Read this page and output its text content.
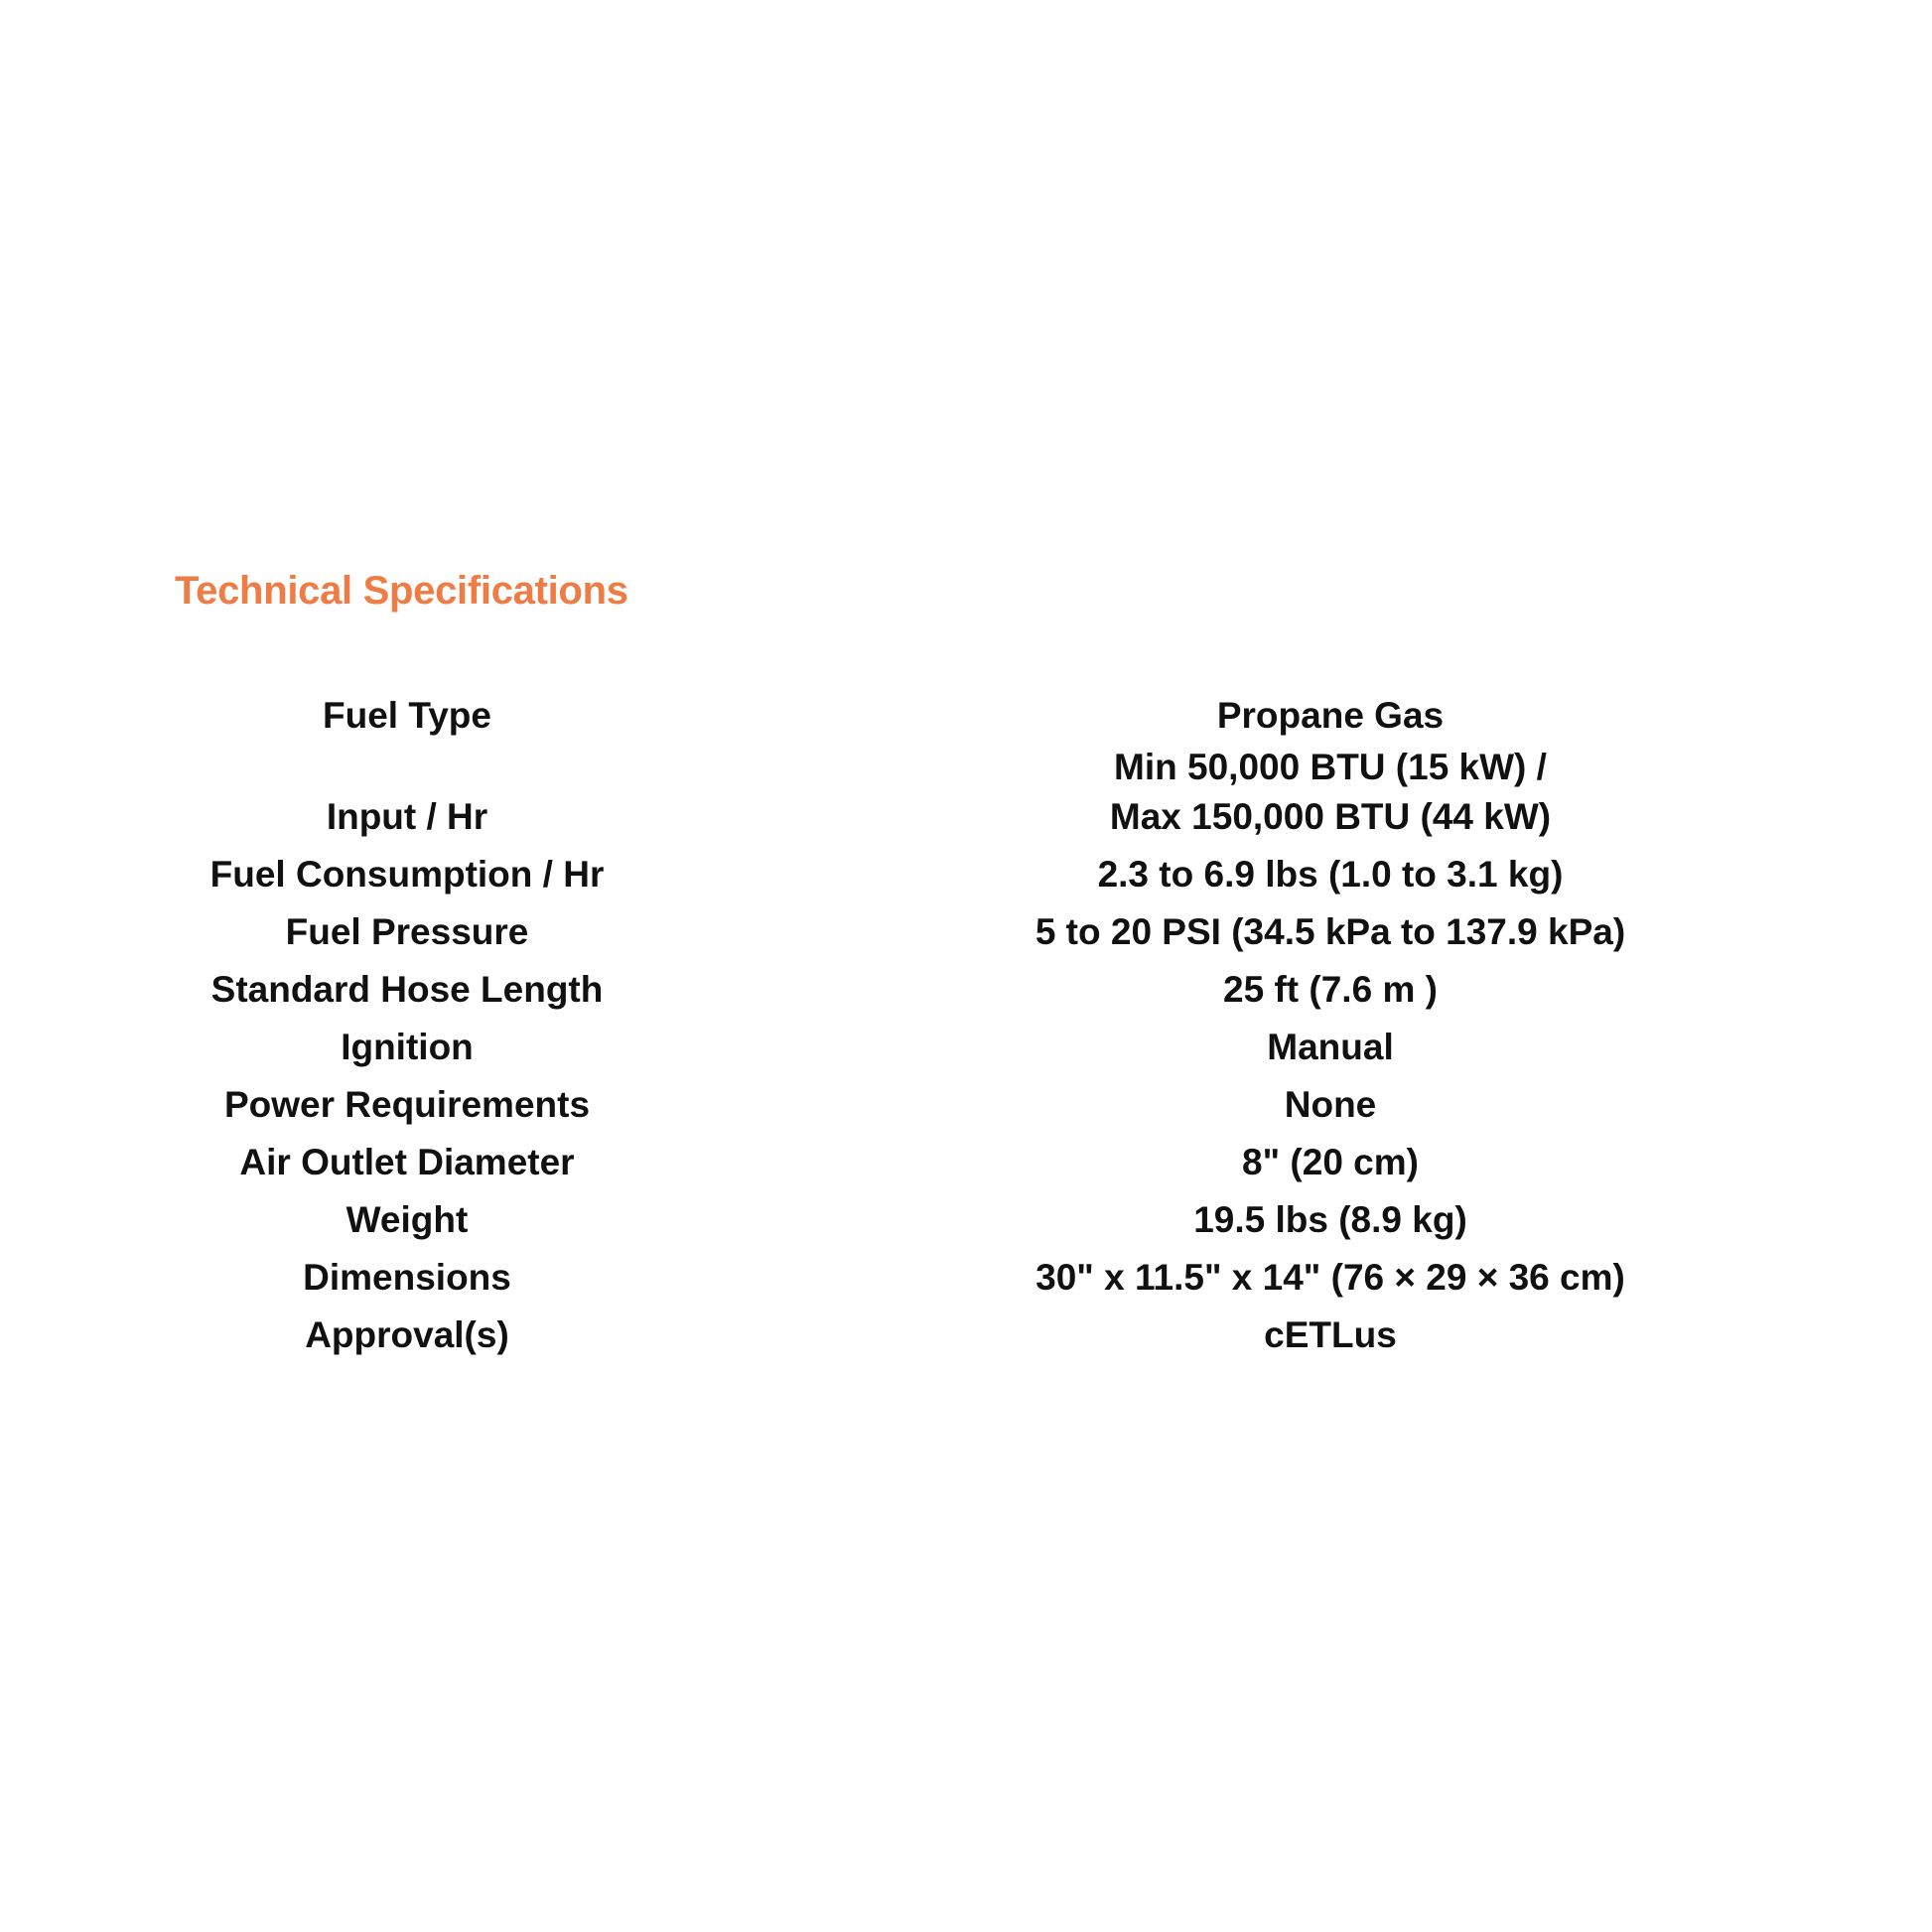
Technical Specifications
Fuel Type		Propane Gas

Input / Hr		Min 50,000 BTU (15 kW) /
Max 150,000 BTU (44 kW)

Fuel Consumption / Hr		2.3 to 6.9 lbs (1.0 to 3.1 kg)

Fuel Pressure		5 to 20 PSI (34.5 kPa to 137.9 kPa)

Standard Hose Length		25 ft (7.6 m )

Ignition		Manual

Power Requirements		None

Air Outlet Diameter		8" (20 cm)

Weight		19.5 lbs (8.9 kg)

Dimensions		30" x 11.5" x 14" (76 × 29 × 36 cm)

Approval(s)		cETLus
